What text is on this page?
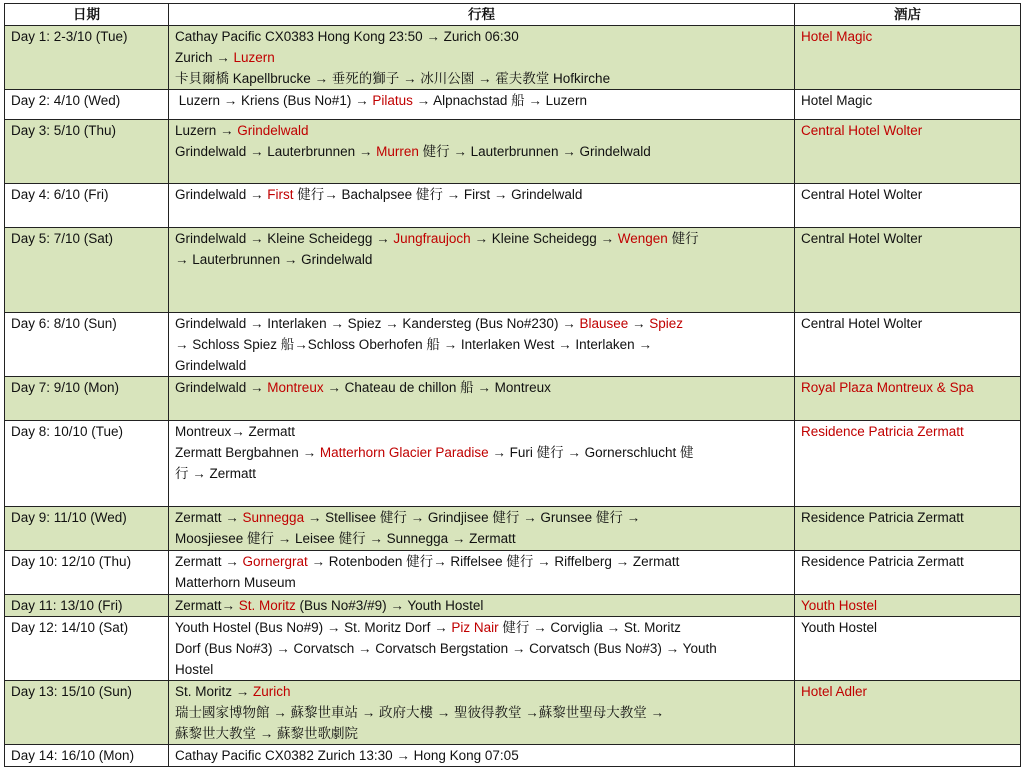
日期	行程	酒店
Day 1: 2-3/10 (Tue)	Cathay Pacific CX0383 Hong Kong 23:50 → Zurich 06:30
Zurich → Luzern
卡貝爾橋 Kapellbrucke → 垂死的獅子 → 冰川公園 → 霍夫教堂 Hofkirche	Hotel Magic
Day 2: 4/10 (Wed)	Luzern → Kriens (Bus No#1) → Pilatus → Alpnachstad 船 → Luzern	Hotel Magic
Day 3: 5/10 (Thu)	Luzern → Grindelwald
Grindelwald → Lauterbrunnen → Murren 健行 → Lauterbrunnen → Grindelwald	Central Hotel Wolter
Day 4: 6/10 (Fri)	Grindelwald → First 健行→ Bachalpsee 健行 → First → Grindelwald	Central Hotel Wolter
Day 5: 7/10 (Sat)	Grindelwald → Kleine Scheidegg → Jungfraujoch → Kleine Scheidegg → Wengen 健行
→ Lauterbrunnen → Grindelwald	Central Hotel Wolter
Day 6: 8/10 (Sun)	Grindelwald → Interlaken → Spiez → Kandersteg (Bus No#230) → Blausee → Spiez
→ Schloss Spiez 船→Schloss Oberhofen 船 → Interlaken West → Interlaken →
Grindelwald	Central Hotel Wolter
Day 7: 9/10 (Mon)	Grindelwald → Montreux → Chateau de chillon 船 → Montreux	Royal Plaza Montreux & Spa
Day 8: 10/10 (Tue)	Montreux→ Zermatt
Zermatt Bergbahnen → Matterhorn Glacier Paradise → Furi 健行 → Gornerschlucht 健
行 → Zermatt	Residence Patricia Zermatt
Day 9: 11/10 (Wed)	Zermatt → Sunnegga → Stellisee 健行 → Grindjisee 健行 → Grunsee 健行 →
Moosjiesee 健行 → Leisee 健行 → Sunnegga → Zermatt	Residence Patricia Zermatt
Day 10: 12/10 (Thu)	Zermatt → Gornergrat → Rotenboden 健行→ Riffelsee 健行 → Riffelberg → Zermatt
Matterhorn Museum	Residence Patricia Zermatt
Day 11: 13/10 (Fri)	Zermatt→ St. Moritz (Bus No#3/#9) → Youth Hostel	Youth Hostel
Day 12: 14/10 (Sat)	Youth Hostel (Bus No#9) → St. Moritz Dorf → Piz Nair 健行 → Corviglia → St. Moritz
Dorf (Bus No#3) → Corvatsch → Corvatsch Bergstation → Corvatsch (Bus No#3) → Youth
Hostel	Youth Hostel
Day 13: 15/10 (Sun)	St. Moritz → Zurich
瑞士國家博物館 → 蘇黎世車站 → 政府大樓 → 聖彼得教堂 →蘇黎世聖母大教堂 →
蘇黎世大教堂 → 蘇黎世歌劇院	Hotel Adler
Day 14: 16/10 (Mon)	Cathay Pacific CX0382 Zurich 13:30 → Hong Kong 07:05	
